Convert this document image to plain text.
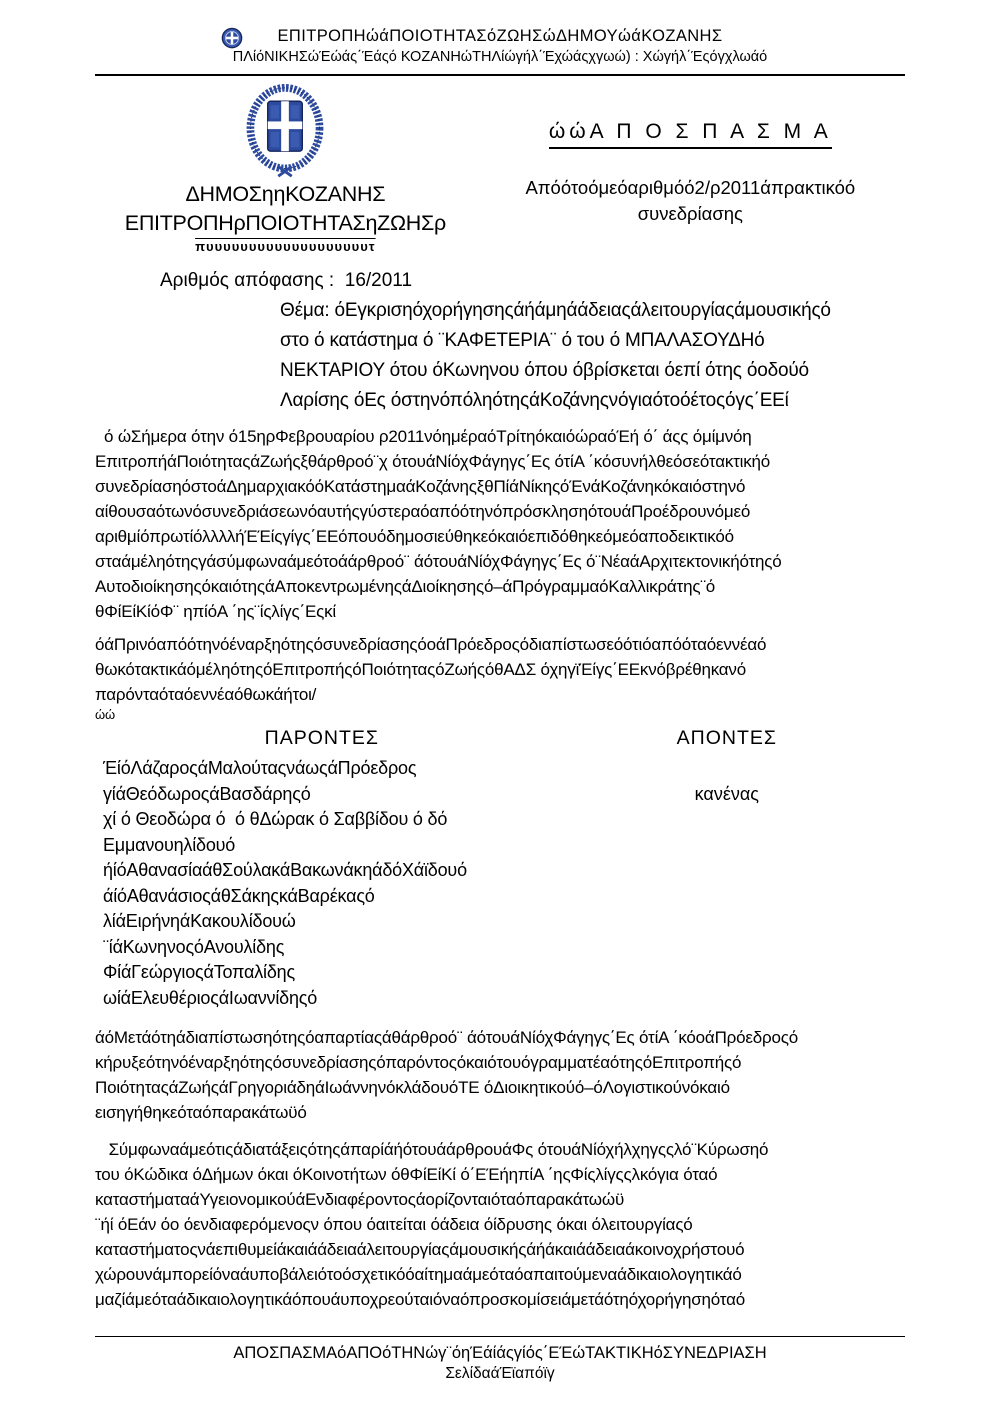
ΕΠΙΤΡΟΠΗώάΠΟΙΟΤΗΤΑΣόΖΩΗΣώΔΗΜΟΥώάΚΟΖΑΝΗΣ
ΠΛίόΝΙΚΗΣώΈώάς΄Έάςό ΚΟΖΑΝΗώΤΗΛίώγήλ΄Έχώάςχγωώ) : Χώγήλ΄Έςόγχλωάό
ΔΗΜΟΣηηΚΟΖΑΝΗΣ
ΕΠΙΤΡΟΠΗρΠΟΙΟΤΗΤΑΣηΖΩΗΣρ
πυυυυυυυυυυυυυυυυυυυτ
ώώΑ Π Ο Σ Π Α Σ Μ Α
Απόότοόμεόαριθμόό2/ρ2011άπρακτικόό
συνεδρίασης
Αριθμός απόφασης : 16/2011
Θέμα: όΕγκρισηόχορήγησηςάήάμηάάδειαςάλειτουργίαςάμουσικήςό
στο ό κατάστημα ό ¨ΚΑΦΕΤΕΡΙΑ¨ ό του ό ΜΠΑΛΑΣΟΥΔΗό
ΝΕΚΤΑΡΙΟΥ ότου όΚωνηνου όπου όβρίσκεται όεπί ότης όοδούό
Λαρίσης όΕς όστηνόπόληότηςάΚοζάνηςνόγιαότοόέτοςόγς΄ΕΕί
ό ώΣήμερα ότην ό15ηρΦεβρουαρίου ρ2011νόημέραόΤρίτηόκαιόώραόΈή ό΄ άςς όμίμνόη
ΕπιτροπήάΠοιότηταςάΖωήςξθάρθροό¨χ ότουάΝίόχΦάγηγς΄Ες ότίΑ ΄κόσυνήλθεόσεότακτικήό
συνεδρίασηόστοάΔημαρχιακόόΚατάστημαάΚοζάνηςξθΠίάΝίκηςόΈνάΚοζάνηκόκαιόστηνό
αίθουσαότωνόσυνεδριάσεωνόαυτήςγύστεραόαπόότηνόπρόσκλησηότουάΠροέδρουνόμεό
αριθμίόπρωτίόλλλλήΈΈίςγίγς΄ΕΕόπουόδημοσιεύθηκεόκαιόεπιδόθηκεόμεόαποδεικτικόό
σταάμέληότηςγάσύμφωναάμεότοάάρθροό¨ άότουάΝίόχΦάγηγς΄Ες ό¨ΝέαάΑρχιτεκτονικήότηςό
ΑυτοδιοίκησηςόκαιότηςάΑποκεντρωμένηςάΔιοίκησηςό–άΠρόγραμμαόΚαλλικράτης¨ό
θΦίΕίΚίόΦ¨ ηπίόΑ ΄ης¨ίςλίγς΄Εςκί
όάΠρινόαπόότηνόέναρξηότηςόσυνεδρίασηςόοάΠρόεδροςόδιαπίστωσεόότιόαπόόταόεννέαό
θωκότακτικάόμέληότηςόΕπιτροπήςόΠοιότηταςόΖωήςόθΑΔΣ όχηγϊΈίγς΄ΕΕκνόβρέθηκανό
παρόνταόταόεννέαόθωκάήτοι/
ώώ
ΠΑΡΟΝΤΕΣ
ΈίόΛάζαροςάΜαλούταςνάωςάΠρόεδρος
γίάΘεόδωροςάΒασδάρηςό
χί ό Θεοδώρα ό  ό θΔώρακ ό Σαββίδου ό δό
Εμμανουηλίδουό
ήίόΑθανασίαάθΣούλακάΒακωνάκηάδόΧάϊδουό
άίόΑθανάσιοςάθΣάκηςκάΒαρέκαςό
λίάΕιρήνηάΚακουλίδουώ
¨ίάΚωνηνοςόΑνουλίδης
ΦίάΓεώργιοςάΤοπαλίδης
ωίάΕλευθέριοςάΙωαννίδηςό
ΑΠΟΝΤΕΣ
κανένας
άόΜετάότηάδιαπίστωσηότηςόαπαρτίαςάθάρθροό¨ άότουάΝίόχΦάγηγς΄Ες ότίΑ ΄κόοάΠρόεδροςό
κήρυξεότηνόέναρξηότηςόσυνεδρίασηςόπαρόντοςόκαιότουόγραμματέαότηςόΕπιτροπήςό
ΠοιότηταςάΖωήςάΓρηγοριάδηάΙωάννηνόκλάδουόΤΕ όΔιοικητικούό–όΛογιστικούνόκαιό
εισηγήθηκεόταόπαρακάτωϋό
ΣύμφωναάμεότιςάδιατάξειςότηςάπαρίάήότουάάρθρουάΦς ότουάΝίόχήλχηγςςλό¨Κύρωσηό
του όΚώδικα όΔήμων όκαι όΚοινοτήτων όθΦίΕίΚί ό΄ΕΈήηπίΑ ΄ηςΦίςλίγςςλκόγια όταό
καταστήματαάΥγειονομικούάΕνδιαφέροντοςάορίζονταιόταόπαρακάτωώϋ
¨ήί όΕάν όο όενδιαφερόμενοςν όπου όαιτείται όάδεια όίδρυσης όκαι όλειτουργίαςό
καταστήματοςνάεπιθυμείάκαιάάδειαάλειτουργίαςάμουσικήςάήάκαιάάδειαάκοινοχρήστουό
χώρουνάμπορείόναάυποβάλειότοόσχετικόόαίτημαάμεόταόαπαιτούμεναάδικαιολογητικάό
μαζίάμεόταάδικαιολογητικάόπουάυποχρεούταιόναόπροσκομίσειάμετάότηόχορήγησηόταό
ΑΠΟΣΠΑΣΜΑόΑΠΟόΤΗΝώγ¨όηΈάίάςγίός΄ΕΈώΤΑΚΤΙΚΗόΣΥΝΕΔΡΙΑΣΗ
ΣελίδαάΈϊαπόϊγ
